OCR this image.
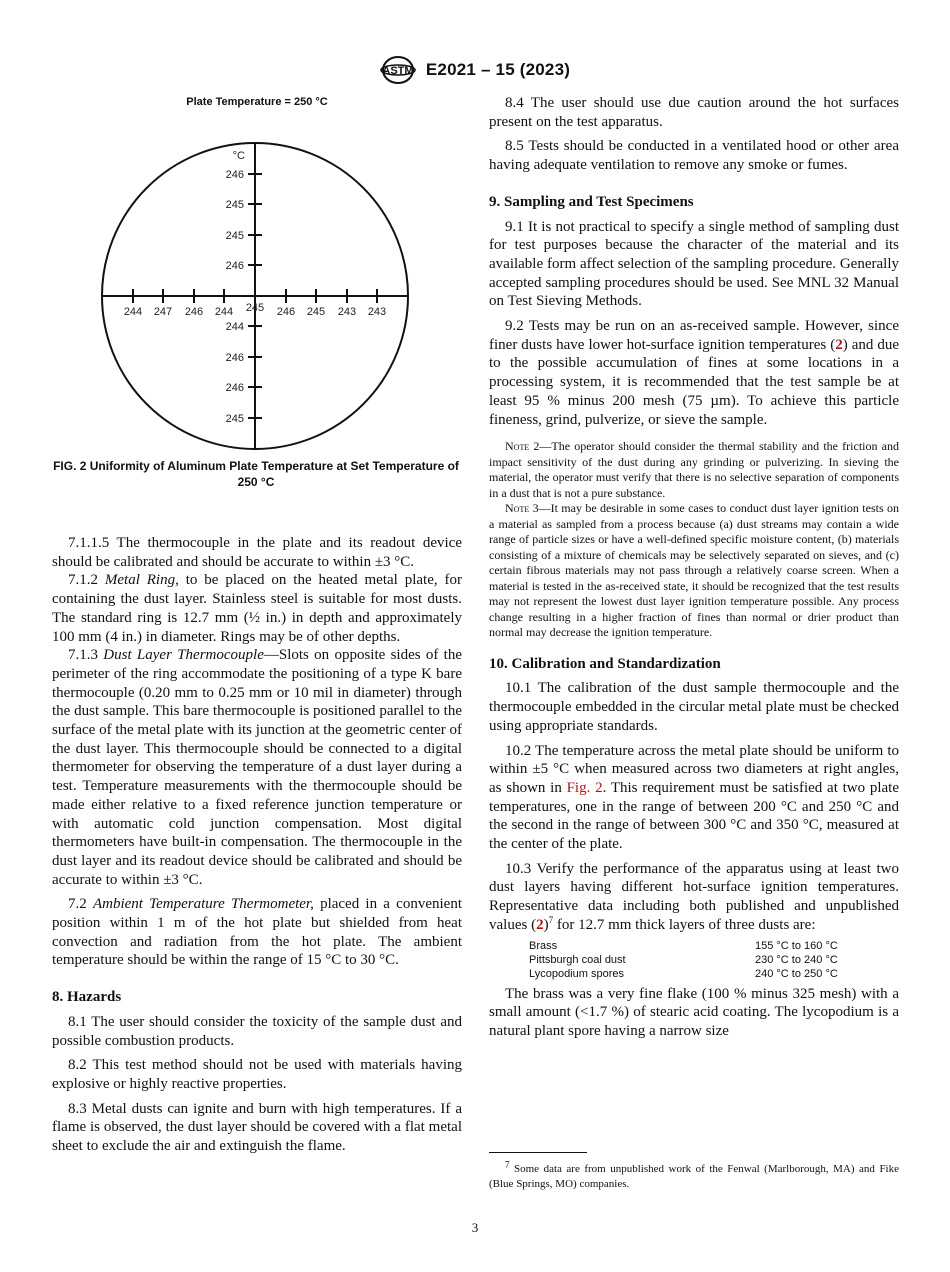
ASTM E2021 – 15 (2023)
Plate Temperature = 250 °C
°C
246
245
245
246
244
246
246
245
244 247 246 244 245 246 245 243 243
FIG. 2 Uniformity of Aluminum Plate Temperature at Set Temperature of 250 °C

7.1.1.5 The thermocouple in the plate and its readout device should be calibrated and should be accurate to within ±3 °C.

7.1.2 Metal Ring, to be placed on the heated metal plate, for containing the dust layer. Stainless steel is suitable for most dusts. The standard ring is 12.7 mm (½ in.) in depth and approximately 100 mm (4 in.) in diameter. Rings may be of other depths.

7.1.3 Dust Layer Thermocouple—Slots on opposite sides of the perimeter of the ring accommodate the positioning of a type K bare thermocouple (0.20 mm to 0.25 mm or 10 mil in diameter) through the dust sample. This bare thermocouple is positioned parallel to the surface of the metal plate with its junction at the geometric center of the dust layer. This thermocouple should be connected to a digital thermometer for observing the temperature of a dust layer during a test. Temperature measurements with the thermocouple should be made either relative to a fixed reference junction temperature or with automatic cold junction compensation. Most digital thermometers have built-in compensation. The thermocouple in the dust layer and its readout device should be calibrated and should be accurate to within ±3 °C.

7.2 Ambient Temperature Thermometer, placed in a convenient position within 1 m of the hot plate but shielded from heat convection and radiation from the hot plate. The ambient temperature should be within the range of 15 °C to 30 °C.

8. Hazards

8.1 The user should consider the toxicity of the sample dust and possible combustion products.

8.2 This test method should not be used with materials having explosive or highly reactive properties.

8.3 Metal dusts can ignite and burn with high temperatures. If a flame is observed, the dust layer should be covered with a flat metal sheet to exclude the air and extinguish the flame.

8.4 The user should use due caution around the hot surfaces present on the test apparatus.

8.5 Tests should be conducted in a ventilated hood or other area having adequate ventilation to remove any smoke or fumes.

9. Sampling and Test Specimens

9.1 It is not practical to specify a single method of sampling dust for test purposes because the character of the material and its available form affect selection of the sampling procedure. Generally accepted sampling procedures should be used. See MNL 32 Manual on Test Sieving Methods.

9.2 Tests may be run on an as-received sample. However, since finer dusts have lower hot-surface ignition temperatures (2) and due to the possible accumulation of fines at some locations in a processing system, it is recommended that the test sample be at least 95 % minus 200 mesh (75 µm). To achieve this particle fineness, grind, pulverize, or sieve the sample.

Note 2—The operator should consider the thermal stability and the friction and impact sensitivity of the dust during any grinding or pulverizing. In sieving the material, the operator must verify that there is no selective separation of components in a dust that is not a pure substance.

Note 3—It may be desirable in some cases to conduct dust layer ignition tests on a material as sampled from a process because (a) dust streams may contain a wide range of particle sizes or have a well-defined specific moisture content, (b) materials consisting of a mixture of chemicals may be selectively separated on sieves, and (c) certain fibrous materials may not pass through a relatively coarse screen. When a material is tested in the as-received state, it should be recognized that the test results may not represent the lowest dust layer ignition temperature possible. Any process change resulting in a higher fraction of fines than normal or drier product than normal may decrease the ignition temperature.

10. Calibration and Standardization

10.1 The calibration of the dust sample thermocouple and the thermocouple embedded in the circular metal plate must be checked using appropriate standards.

10.2 The temperature across the metal plate should be uniform to within ±5 °C when measured across two diameters at right angles, as shown in Fig. 2. This requirement must be satisfied at two plate temperatures, one in the range of between 200 °C and 250 °C and the second in the range of between 300 °C and 350 °C, measured at the center of the plate.

10.3 Verify the performance of the apparatus using at least two dust layers having different hot-surface ignition temperatures. Representative data including both published and unpublished values $(2)^7$ for 12.7 mm thick layers of three dusts are:

Brass	155 °C to 160 °C
Pittsburgh coal dust	230 °C to 240 °C
Lycopodium spores	240 °C to 250 °C

The brass was a very fine flake (100 % minus 325 mesh) with a small amount (<1.7 %) of stearic acid coating. The lycopodium is a natural plant spore having a narrow size

$^7$ Some data are from unpublished work of the Fenwal (Marlborough, MA) and Fike (Blue Springs, MO) companies.
3
